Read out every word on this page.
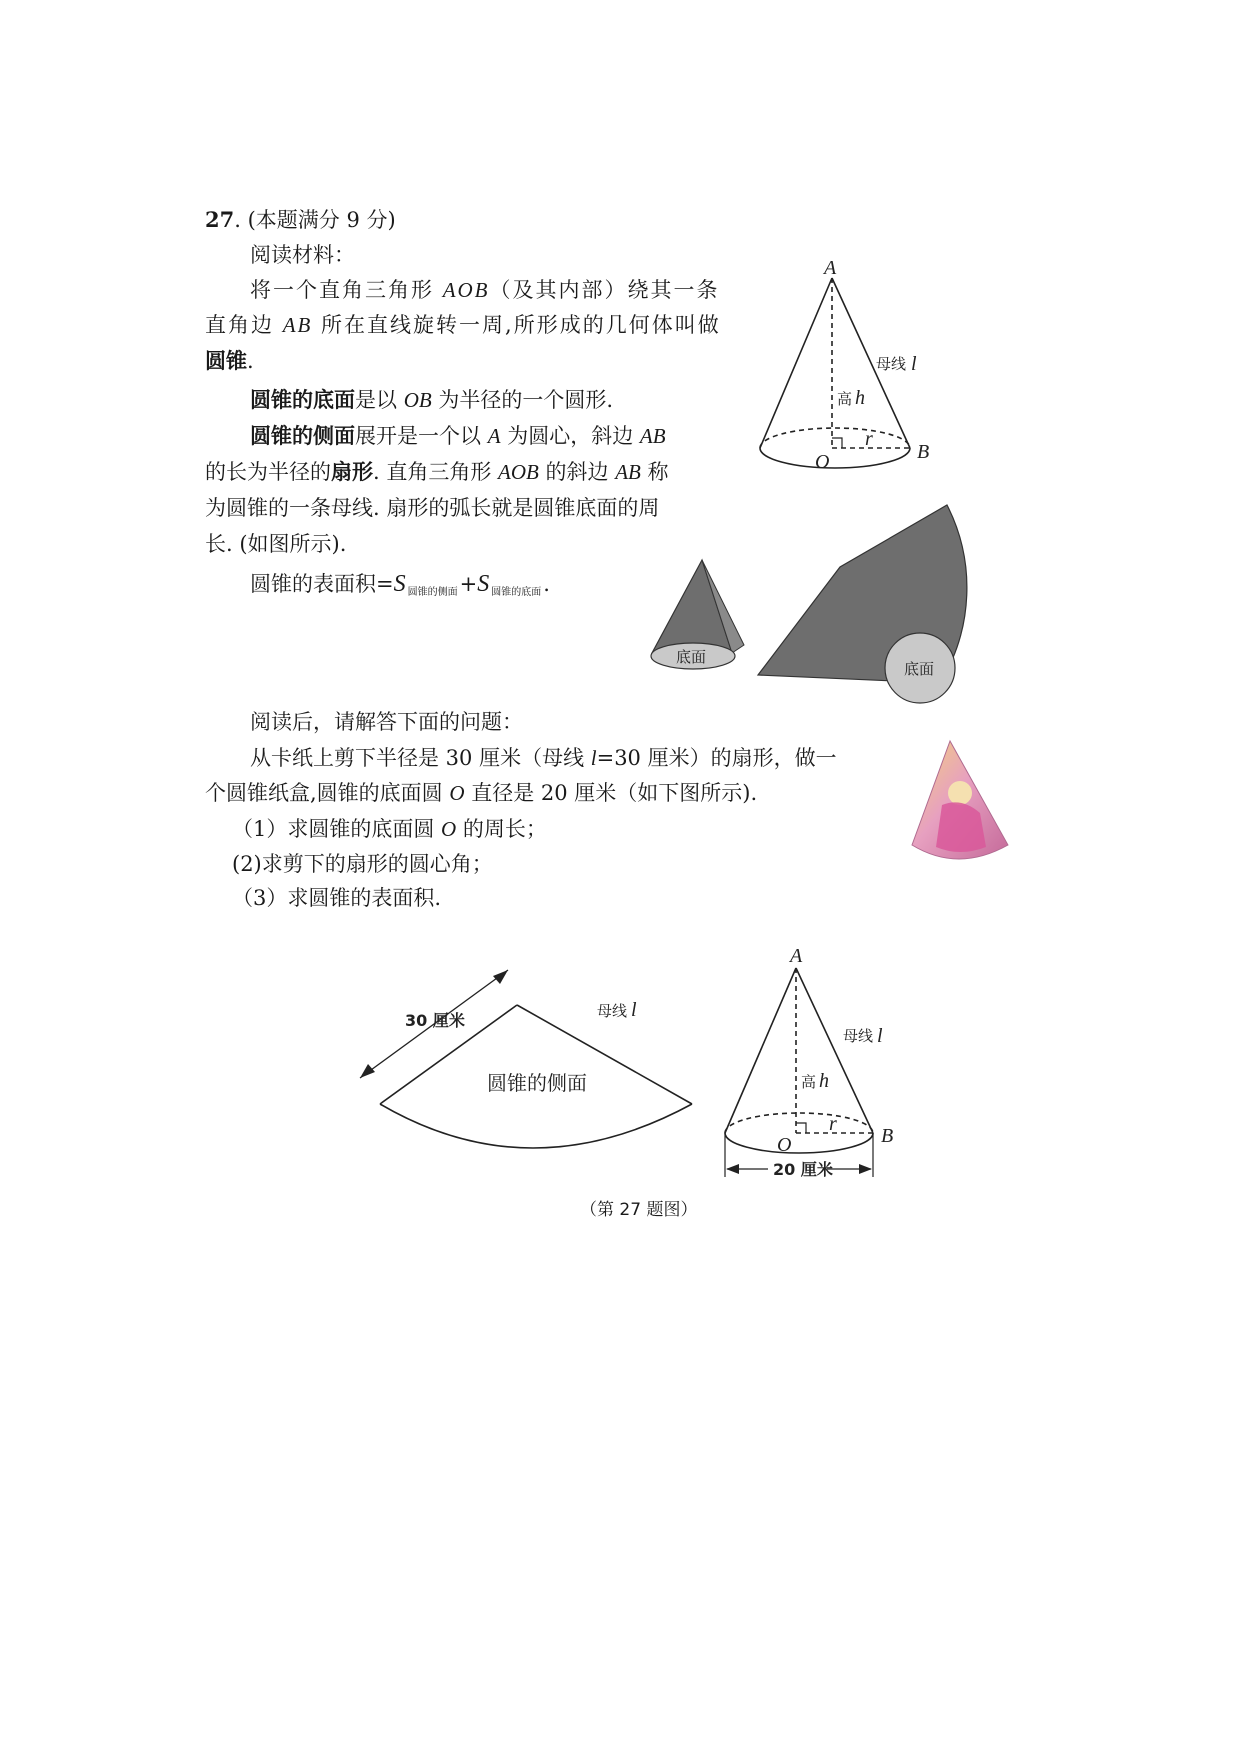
27. (本题满分 9 分)
阅读材料：
将一个直角三角形 AOB（及其内部）绕其一条
直角边 AB 所在直线旋转一周,所形成的几何体叫做
圆锥.
圆锥的底面是以 OB 为半径的一个圆形.
圆锥的侧面展开是一个以 A 为圆心，斜边 AB
的长为半径的扇形. 直角三角形 AOB 的斜边 AB 称
为圆锥的一条母线. 扇形的弧长就是圆锥底面的周
长. (如图所示).
圆锥的表面积=S $_{圆锥的侧面}$+S $_{圆锥的底面}$.
阅读后，请解答下面的问题：
从卡纸上剪下半径是 30 厘米（母线 l=30 厘米）的扇形，做一
个圆锥纸盒,圆锥的底面圆 O 直径是 20 厘米（如下图所示).
（1）求圆锥的底面圆 O 的周长；
(2)求剪下的扇形的圆心角；
（3）求圆锥的表面积.
A
B
O
r
高 h
母线 l
底面
底面
30 厘米	母线 l
圆锥的侧面
A
B
O
r
高 h
母线 l
20 厘米
（第 27 题图）
